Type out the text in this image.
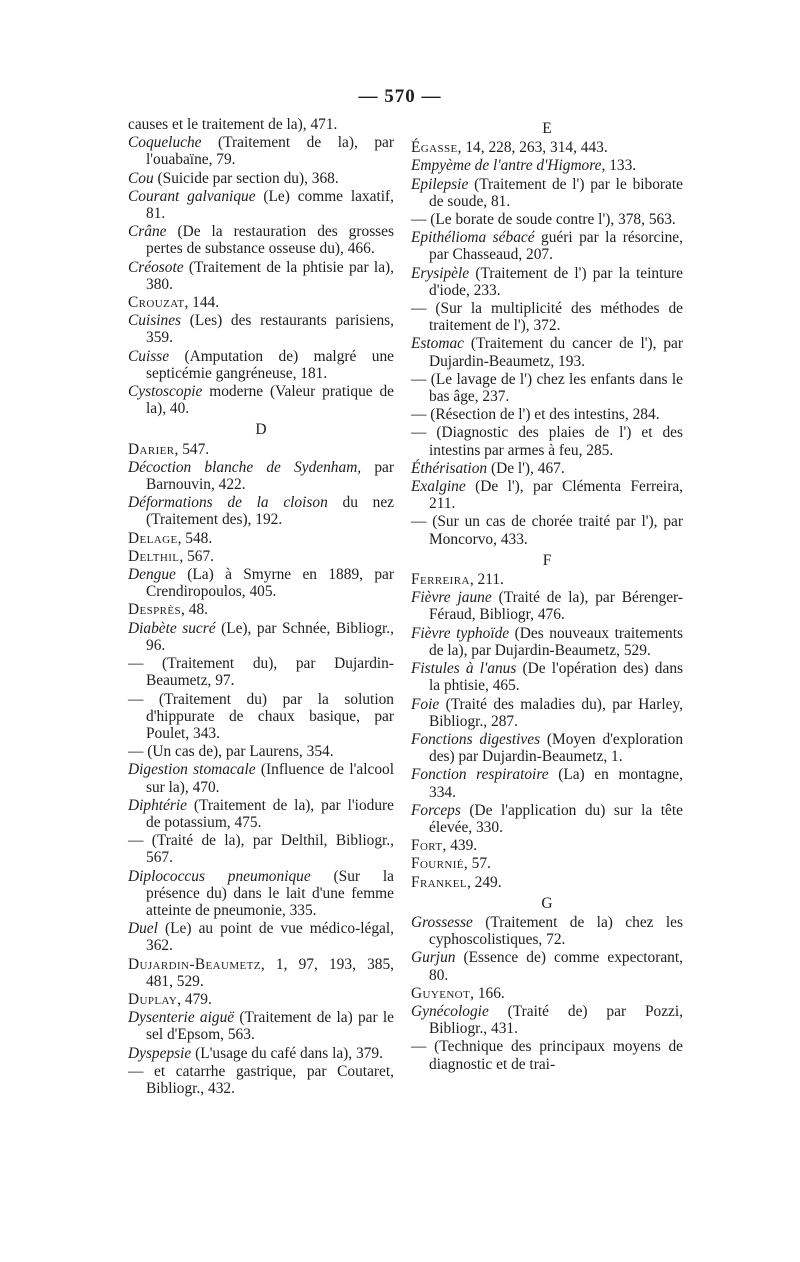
— 570 —
causes et le traitement de la), 471.
Coqueluche (Traitement de la), par l'ouabaïne, 79.
Cou (Suicide par section du), 368.
Courant galvanique (Le) comme laxatif, 81.
Crâne (De la restauration des grosses pertes de substance osseuse du), 466.
Créosote (Traitement de la phtisie par la), 380.
Crouzat, 144.
Cuisines (Les) des restaurants parisiens, 359.
Cuisse (Amputation de) malgré une septicémie gangréneuse, 181.
Cystoscopie moderne (Valeur pratique de la), 40.
D
Darier, 547.
Décoction blanche de Sydenham, par Barnouvin, 422.
Déformations de la cloison du nez (Traitement des), 192.
Delage, 548.
Delthil, 567.
Dengue (La) à Smyrne en 1889, par Crendiropoulos, 405.
Desprès, 48.
Diabète sucré (Le), par Schnée, Bibliogr., 96.
— (Traitement du), par Dujardin-Beaumetz, 97.
— (Traitement du) par la solution d'hippurate de chaux basique, par Poulet, 343.
— (Un cas de), par Laurens, 354.
Digestion stomacale (Influence de l'alcool sur la), 470.
Diphtérie (Traitement de la), par l'iodure de potassium, 475.
— (Traité de la), par Delthil, Bibliogr., 567.
Diplococcus pneumonique (Sur la présence du) dans le lait d'une femme atteinte de pneumonie, 335.
Duel (Le) au point de vue médico-légal, 362.
Dujardin-Beaumetz, 1, 97, 193, 385, 481, 529.
Duplay, 479.
Dysenterie aiguë (Traitement de la) par le sel d'Epsom, 563.
Dyspepsie (L'usage du café dans la), 379.
— et catarrhe gastrique, par Coutaret, Bibliogr., 432.
E
Égasse, 14, 228, 263, 314, 443.
Empyème de l'antre d'Higmore, 133.
Epilepsie (Traitement de l') par le biborate de soude, 81.
— (Le borate de soude contre l'), 378, 563.
Epithélioma sébacé guéri par la résorcine, par Chasseaud, 207.
Erysipèle (Traitement de l') par la teinture d'iode, 233.
— (Sur la multiplicité des méthodes de traitement de l'), 372.
Estomac (Traitement du cancer de l'), par Dujardin-Beaumetz, 193.
— (Le lavage de l') chez les enfants dans le bas âge, 237.
— (Résection de l') et des intestins, 284.
— (Diagnostic des plaies de l') et des intestins par armes à feu, 285.
Éthérisation (De l'), 467.
Exalgine (De l'), par Clémenta Ferreira, 211.
— (Sur un cas de chorée traité par l'), par Moncorvo, 433.
F
Ferreira, 211.
Fièvre jaune (Traité de la), par Bérenger-Féraud, Bibliogr, 476.
Fièvre typhoïde (Des nouveaux traitements de la), par Dujardin-Beaumetz, 529.
Fistules à l'anus (De l'opération des) dans la phtisie, 465.
Foie (Traité des maladies du), par Harley, Bibliogr., 287.
Fonctions digestives (Moyen d'exploration des) par Dujardin-Beaumetz, 1.
Fonction respiratoire (La) en montagne, 334.
Forceps (De l'application du) sur la tête élevée, 330.
Fort, 439.
Fournié, 57.
Frankel, 249.
G
Grossesse (Traitement de la) chez les cyphoscolistiques, 72.
Gurjun (Essence de) comme expectorant, 80.
Guyenot, 166.
Gynécologie (Traité de) par Pozzi, Bibliogr., 431.
— (Technique des principaux moyens de diagnostic et de trai-
